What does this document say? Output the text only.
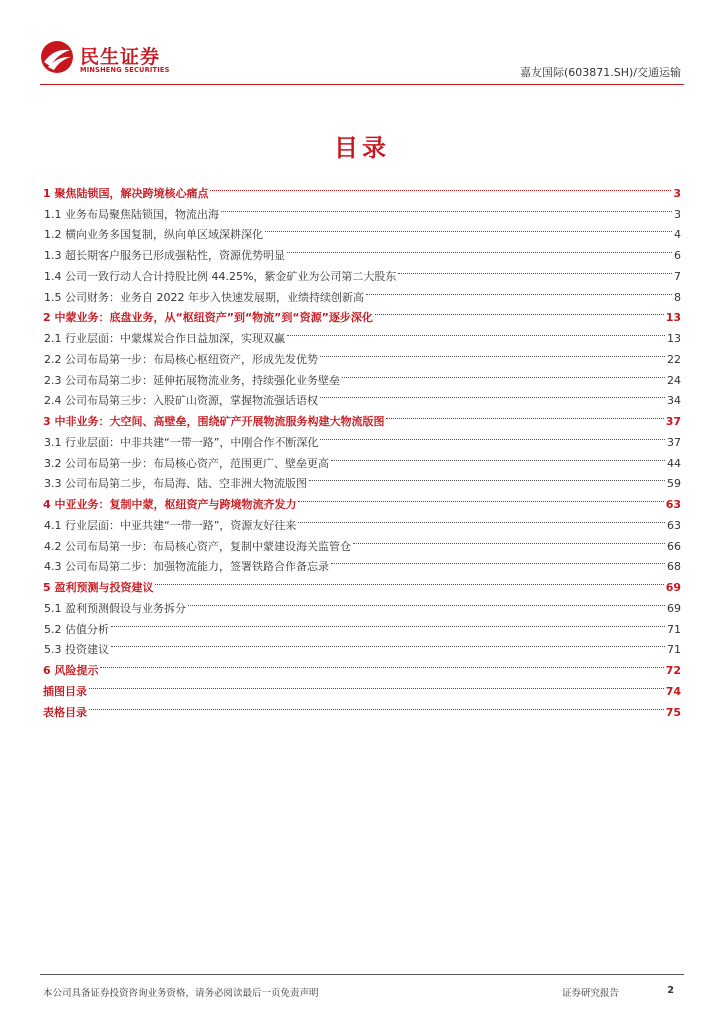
民生证券
MINSHENG SECURITIES	嘉友国际(603871.SH)/交通运输
目录
1 聚焦陆锁国，解决跨境核心痛点	3
1.1 业务布局聚焦陆锁国，物流出海	3
1.2 横向业务多国复制，纵向单区域深耕深化	4
1.3 超长期客户服务已形成强粘性，资源优势明显	6
1.4 公司一致行动人合计持股比例 44.25%，紫金矿业为公司第二大股东	7
1.5 公司财务：业务自 2022 年步入快速发展期，业绩持续创新高	8
2 中蒙业务：底盘业务，从“枢纽资产”到“物流”到“资源”逐步深化	13
2.1 行业层面：中蒙煤炭合作日益加深，实现双赢	13
2.2 公司布局第一步：布局核心枢纽资产，形成先发优势	22
2.3 公司布局第二步：延伸拓展物流业务，持续强化业务壁垒	24
2.4 公司布局第三步：入股矿山资源，掌握物流强话语权	34
3 中非业务：大空间、高壁垒，围绕矿产开展物流服务构建大物流版图	37
3.1 行业层面：中非共建“一带一路”，中刚合作不断深化	37
3.2 公司布局第一步：布局核心资产，范围更广、壁垒更高	44
3.3 公司布局第二步，布局海、陆、空非洲大物流版图	59
4 中亚业务：复制中蒙，枢纽资产与跨境物流齐发力	63
4.1 行业层面：中亚共建“一带一路”，资源友好往来	63
4.2 公司布局第一步：布局核心资产，复制中蒙建设海关监管仓	66
4.3 公司布局第二步：加强物流能力，签署铁路合作备忘录	68
5 盈利预测与投资建议	69
5.1 盈利预测假设与业务拆分	69
5.2 估值分析	71
5.3 投资建议	71
6 风险提示	72
插图目录	74
表格目录	75
本公司具备证券投资咨询业务资格，请务必阅读最后一页免责声明	证券研究报告	2
